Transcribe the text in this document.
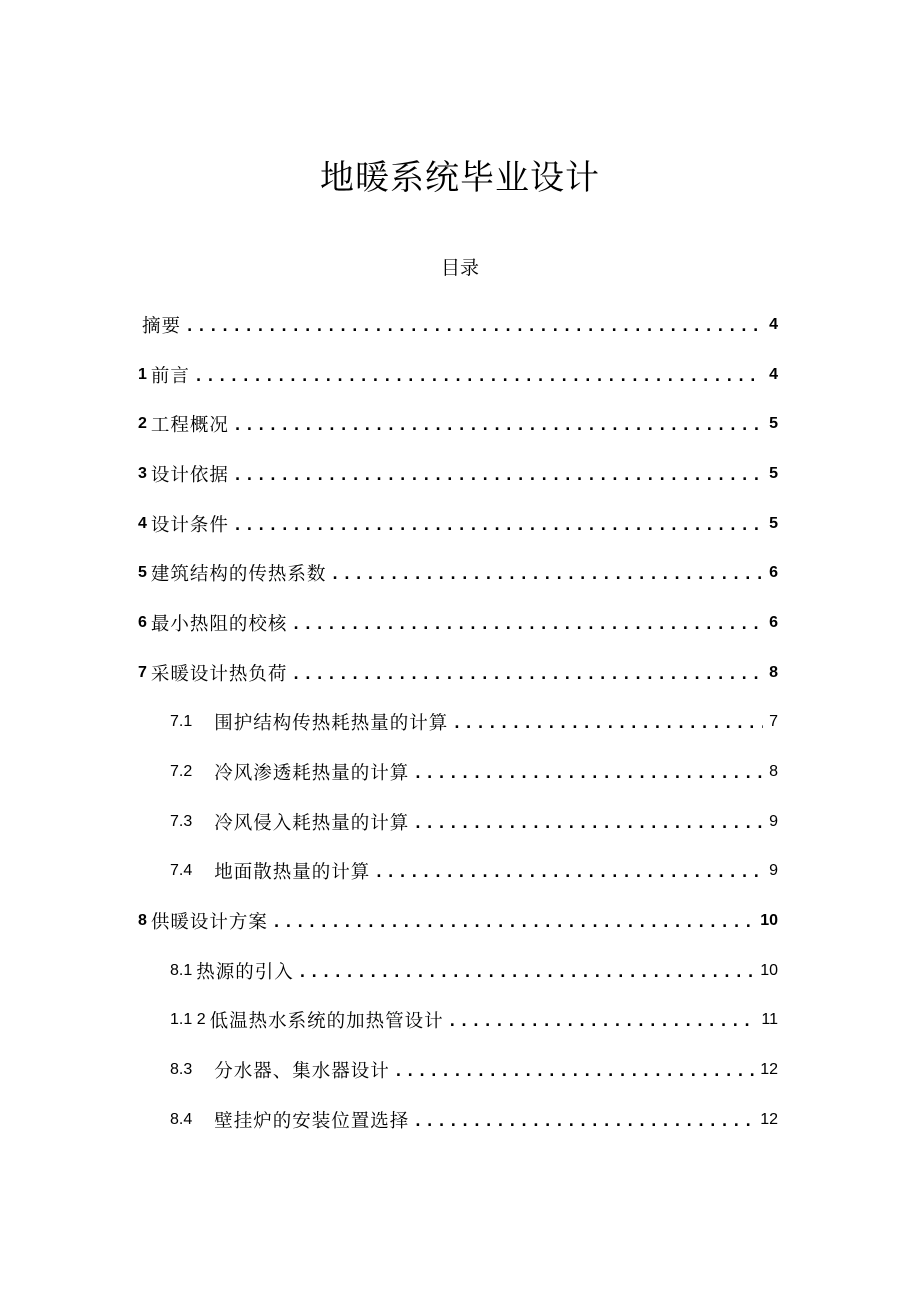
地暖系统毕业设计
目录
摘要 . . .	4
1 前言 . . .	4
2 工程概况 . . .	5
3 设计依据 . . .	5
4 设计条件 . . .	5
5 建筑结构的传热系数 . . .	6
6 最小热阻的校核 . . .	6
7 采暖设计热负荷 . . .	8
7.1 围护结构传热耗热量的计算 . . .	7
7.2 冷风渗透耗热量的计算 . . .	8
7.3 冷风侵入耗热量的计算 . . .	9
7.4 地面散热量的计算 . . .	9
8 供暖设计方案 . . .	10
8.1 热源的引入 . . .	10
1.1 2 低温热水系统的加热管设计 . . .	11
8.3 分水器、集水器设计 . . .	12
8.4 壁挂炉的安装位置选择 . . .	12
